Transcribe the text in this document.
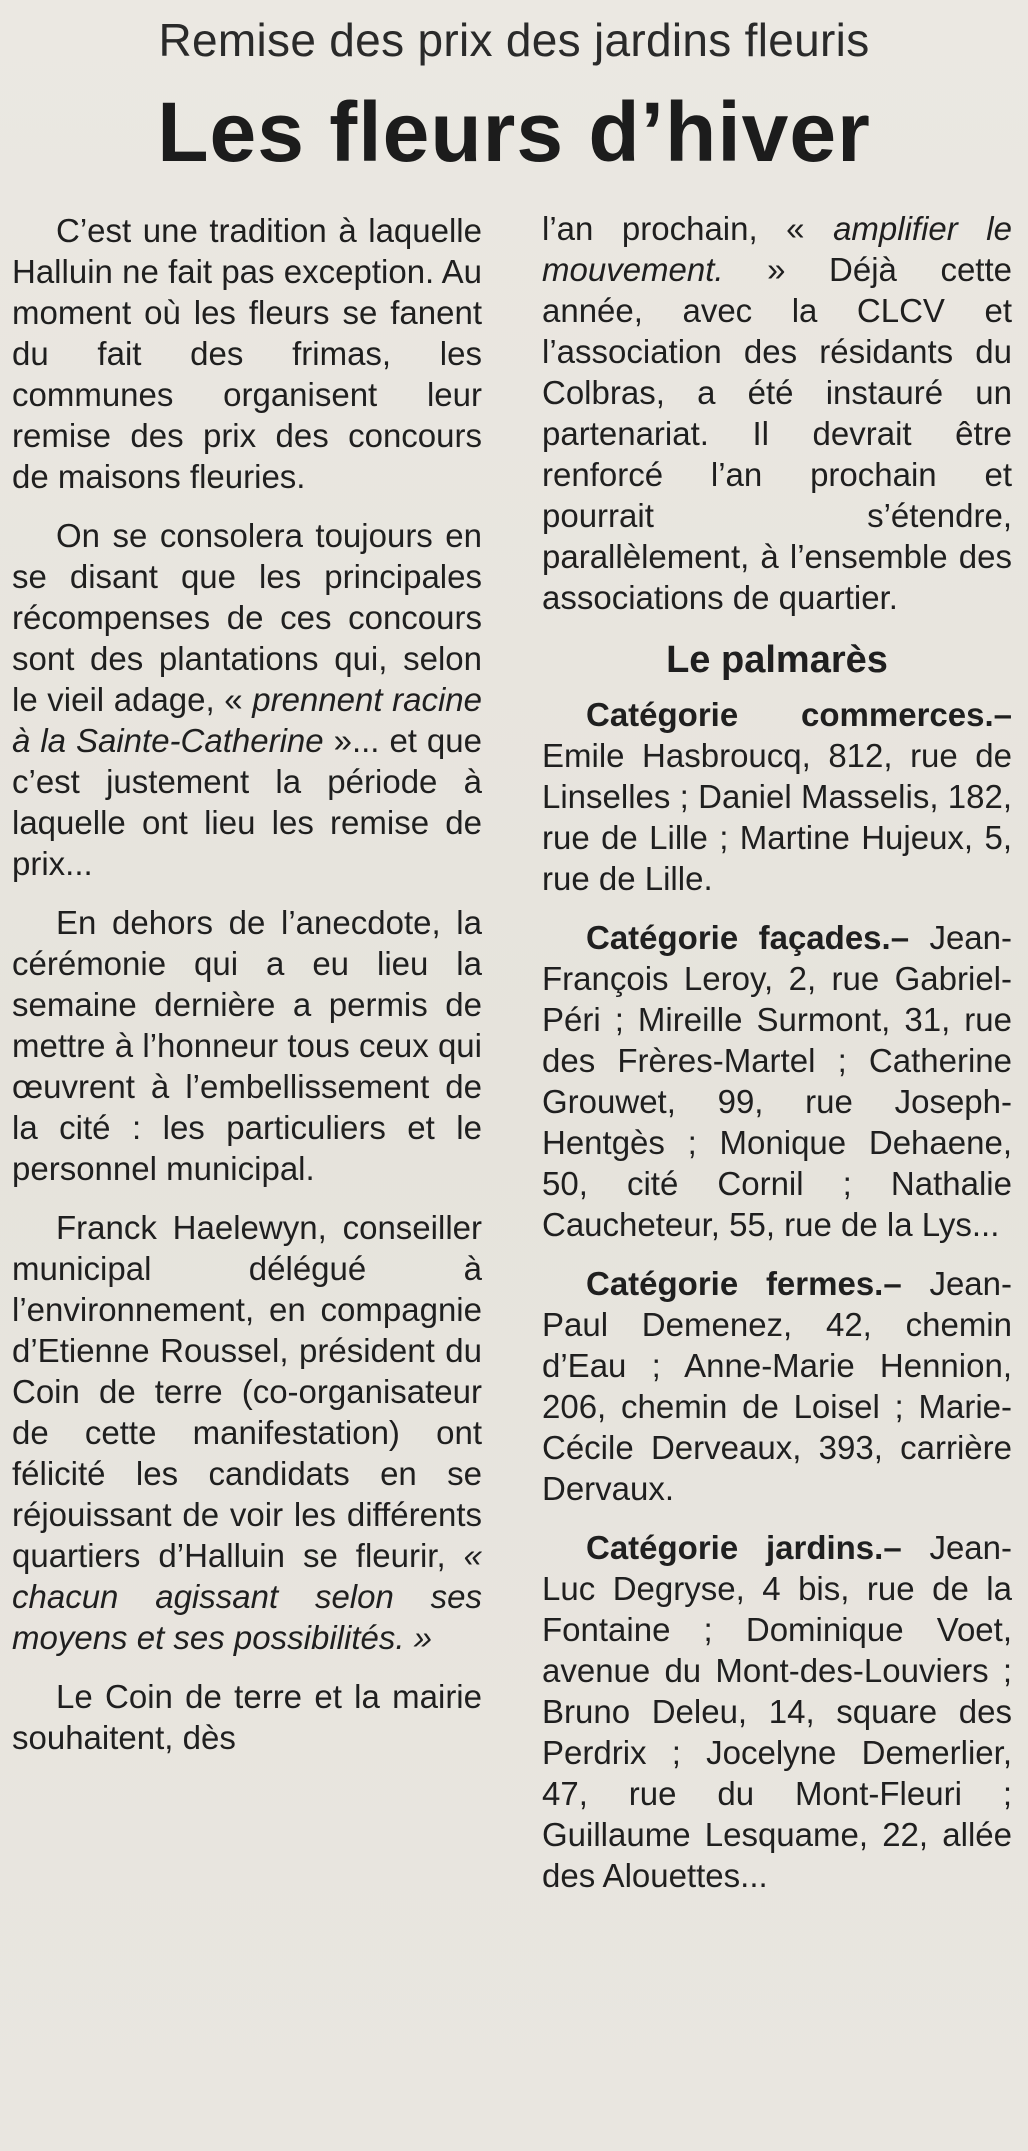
Remise des prix des jardins fleuris
Les fleurs d’hiver

C’est une tradition à laquelle Halluin ne fait pas exception. Au moment où les fleurs se fanent du fait des frimas, les communes organisent leur remise des prix des concours de maisons fleuries.

On se consolera toujours en se disant que les principales récompenses de ces concours sont des plantations qui, selon le vieil adage, « prennent racine à la Sainte-Catherine »... et que c’est justement la période à laquelle ont lieu les remise de prix...

En dehors de l’anecdote, la cérémonie qui a eu lieu la semaine dernière a permis de mettre à l’honneur tous ceux qui œuvrent à l’embellissement de la cité : les particuliers et le personnel municipal.

Franck Haelewyn, conseiller municipal délégué à l’environnement, en compagnie d’Etienne Roussel, président du Coin de terre (co-organisateur de cette manifestation) ont félicité les candidats en se réjouissant de voir les différents quartiers d’Halluin se fleurir, « chacun agissant selon ses moyens et ses possibilités. »

Le Coin de terre et la mairie souhaitent, dès

l’an prochain, « amplifier le mouvement. » Déjà cette année, avec la CLCV et l’association des résidants du Colbras, a été instauré un partenariat. Il devrait être renforcé l’an prochain et pourrait s’étendre, parallèlement, à l’ensemble des associations de quartier.

Le palmarès

Catégorie commerces.– Emile Hasbroucq, 812, rue de Linselles ; Daniel Masselis, 182, rue de Lille ; Martine Hujeux, 5, rue de Lille.

Catégorie façades.– Jean-François Leroy, 2, rue Gabriel-Péri ; Mireille Surmont, 31, rue des Frères-Martel ; Catherine Grouwet, 99, rue Joseph-Hentgès ; Monique Dehaene, 50, cité Cornil ; Nathalie Caucheteur, 55, rue de la Lys...

Catégorie fermes.– Jean-Paul Demenez, 42, chemin d’Eau ; Anne-Marie Hennion, 206, chemin de Loisel ; Marie-Cécile Derveaux, 393, carrière Dervaux.

Catégorie jardins.– Jean-Luc Degryse, 4 bis, rue de la Fontaine ; Dominique Voet, avenue du Mont-des-Louviers ; Bruno Deleu, 14, square des Perdrix ; Jocelyne Demerlier, 47, rue du Mont-Fleuri ; Guillaume Lesquame, 22, allée des Alouettes...
